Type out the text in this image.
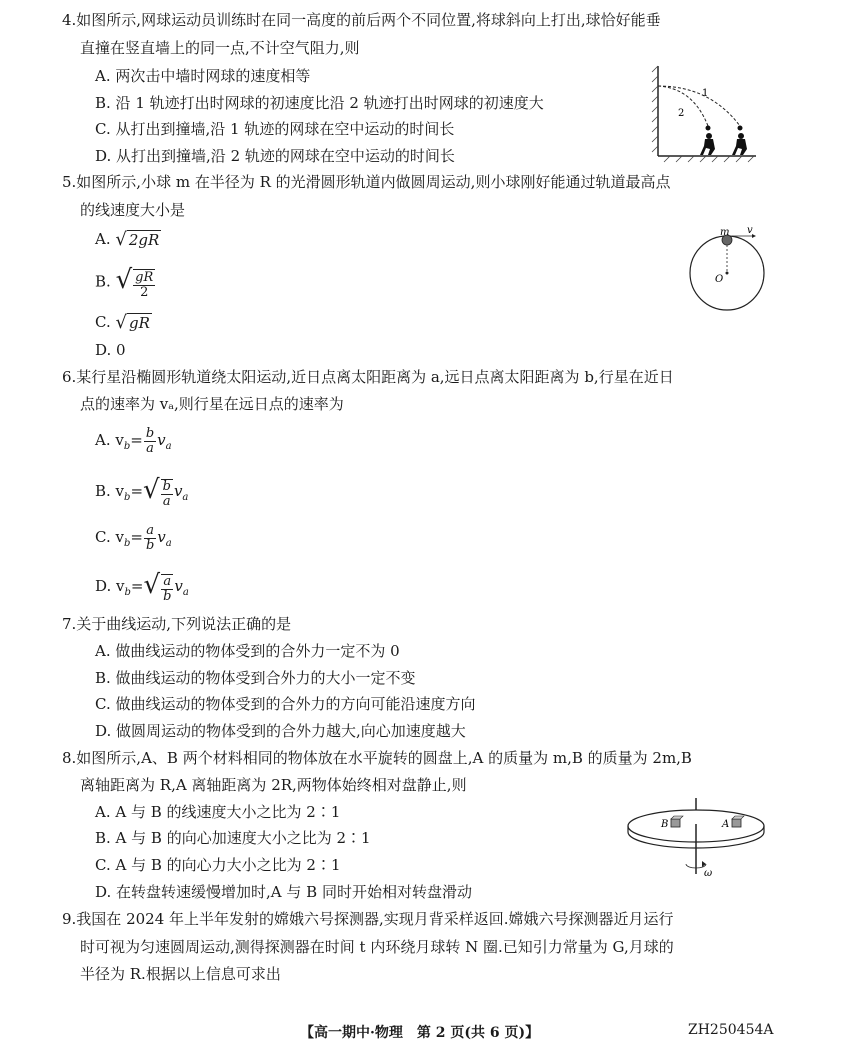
4.如图所示,网球运动员训练时在同一高度的前后两个不同位置,将球斜向上打出,球恰好能垂
直撞在竖直墙上的同一点,不计空气阻力,则
A. 两次击中墙时网球的速度相等
B. 沿 1 轨迹打出时网球的初速度比沿 2 轨迹打出时网球的初速度大
C. 从打出到撞墙,沿 1 轨迹的网球在空中运动的时间长
D. 从打出到撞墙,沿 2 轨迹的网球在空中运动的时间长
1
2
5.如图所示,小球 m 在半径为 R 的光滑圆形轨道内做圆周运动,则小球刚好能通过轨道最高点
的线速度大小是
A. √ 2gR
B. √ $\frac{gR}{2}$
C. √ gR
D. 0
m v
O
6.某行星沿椭圆形轨道绕太阳运动,近日点离太阳距离为 a,远日点离太阳距离为 b,行星在近日
点的速率为 vₐ,则行星在远日点的速率为
A. $v_b= \frac{b}{a} v_a$
B. $v_b=√ \frac{b}{a} v_a$
C. $v_b= \frac{a}{b} v_a$
D. $v_b=√ \frac{a}{b} v_a$
7.关于曲线运动,下列说法正确的是
A. 做曲线运动的物体受到的合外力一定不为 0
B. 做曲线运动的物体受到合外力的大小一定不变
C. 做曲线运动的物体受到的合外力的方向可能沿速度方向
D. 做圆周运动的物体受到的合外力越大,向心加速度越大
8.如图所示,A、B 两个材料相同的物体放在水平旋转的圆盘上,A 的质量为 m,B 的质量为 2m,B
离轴距离为 R,A 离轴距离为 2R,两物体始终相对盘静止,则
A. A 与 B 的线速度大小之比为 2∶1
B. A 与 B 的向心加速度大小之比为 2∶1
C. A 与 B 的向心力大小之比为 2∶1
D. 在转盘转速缓慢增加时,A 与 B 同时开始相对转盘滑动
B	A
ω
9.我国在 2024 年上半年发射的嫦娥六号探测器,实现月背采样返回.嫦娥六号探测器近月运行
时可视为匀速圆周运动,测得探测器在时间 t 内环绕月球转 N 圈.已知引力常量为 G,月球的
半径为 R.根据以上信息可求出
【高一期中·物理　第 2 页(共 6 页)】	ZH250454A
